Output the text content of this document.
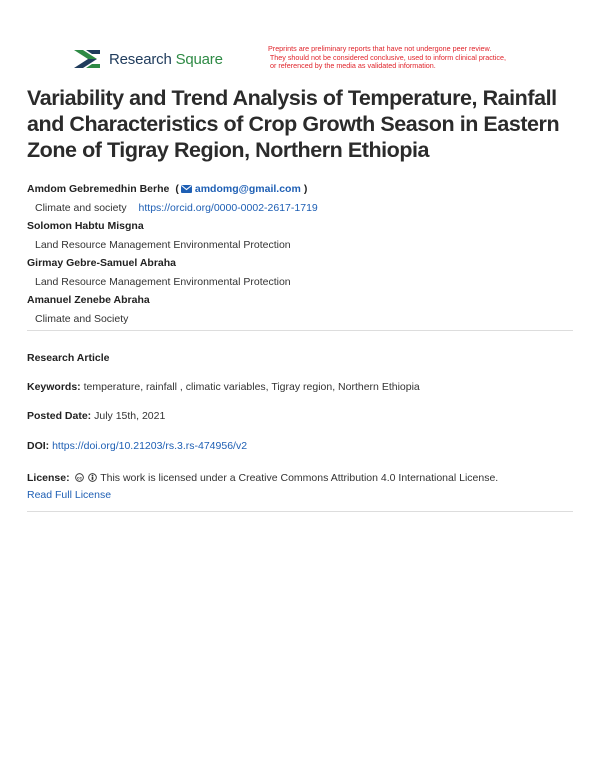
Research Square
Preprints are preliminary reports that have not undergone peer review.
They should not be considered conclusive, used to inform clinical practice,
or referenced by the media as validated information.
Variability and Trend Analysis of Temperature, Rainfall and Characteristics of Crop Growth Season in Eastern Zone of Tigray Region, Northern Ethiopia
Amdom Gebremedhin Berhe (	amdomg@gmail.com )
Climate and society https://orcid.org/0000-0002-2617-1719
Solomon Habtu Misgna
Land Resource Management Environmental Protection
Girmay Gebre-Samuel Abraha
Land Resource Management Environmental Protection
Amanuel Zenebe Abraha
Climate and Society
Research Article
Keywords: temperature, rainfall , climatic variables, Tigray region, Northern Ethiopia
Posted Date: July 15th, 2021
DOI: https://doi.org/10.21203/rs.3.rs-474956/v2
License: cc This work is licensed under a Creative Commons Attribution 4.0 International License.
Read Full License
